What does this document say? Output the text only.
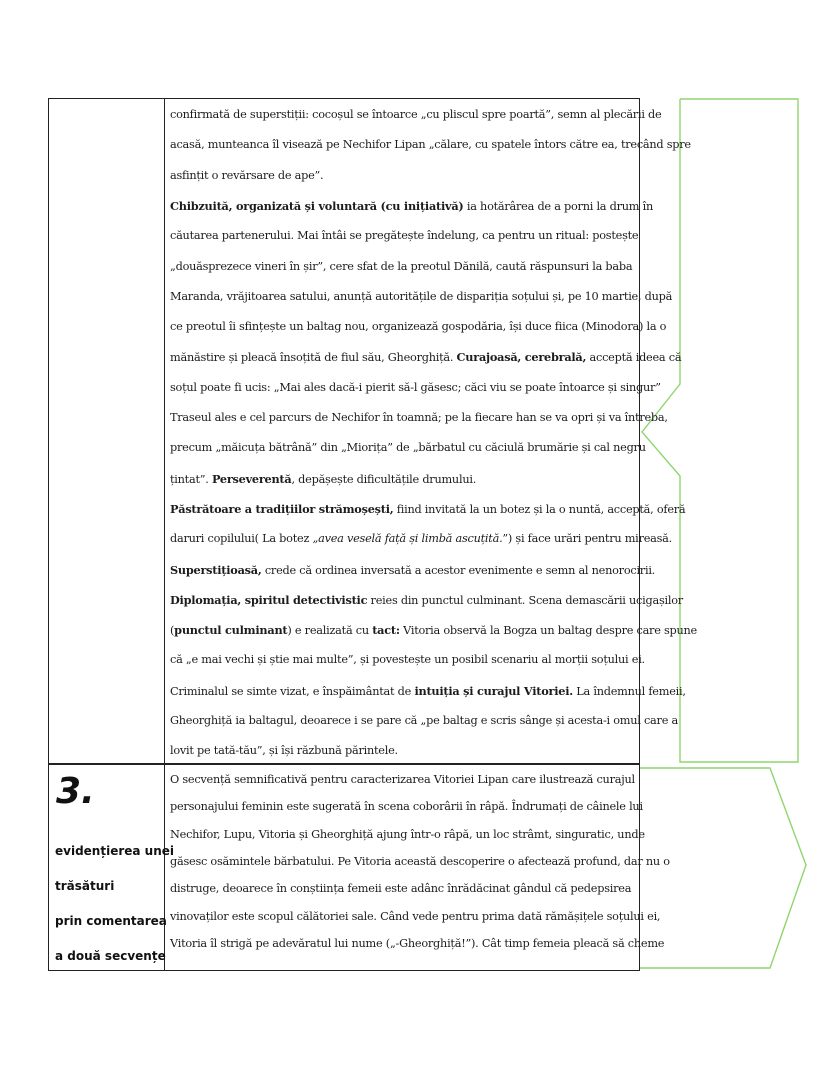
confirmată de superstiții: cocoșul se întoarce „cu pliscul spre poartă”, semn al plecării de
acasă, munteanca îl visează pe Nechifor Lipan „călare, cu spatele întors către ea, trecând spre
asfințit o revărsare de ape”.
Chibzuită, organizată și voluntară (cu inițiativă) ia hotărârea de a porni la drum în
căutarea partenerului. Mai întâi se pregătește îndelung, ca pentru un ritual: postește
„douăsprezece vineri în șir”, cere sfat de la preotul Dănilă, caută răspunsuri la baba
Maranda, vrăjitoarea satului, anunță autoritățile de dispariția soțului și, pe 10 martie, după
ce preotul îi sfințește un baltag nou, organizează gospodăria, își duce fiica (Minodora) la o
mănăstire și pleacă însoțită de fiul său, Gheorghiță. Curajoasă, cerebrală, acceptă ideea că
soțul poate fi ucis: „Mai ales dacă-i pierit să-l găsesc; căci viu se poate întoarce și singur”
Traseul ales e cel parcurs de Nechifor în toamnă; pe la fiecare han se va opri și va întreba,
precum „măicuța bătrână” din „Miorița” de „bărbatul cu căciulă brumărie și cal negru
țintat”. Perseverentă, depășește dificultățile drumului.
Păstrătoare a tradițiilor strămoșești, fiind invitată la un botez și la o nuntă, acceptă, oferă
daruri copilului( La botez „avea veselă față și limbă ascuțită.”) și face urări pentru mireasă.
Superstițioasă, crede că ordinea inversată a acestor evenimente e semn al nenorocirii.
Diplomația, spiritul detectivistic reies din punctul culminant. Scena demascării ucigașilor
(punctul culminant) e realizată cu tact: Vitoria observă la Bogza un baltag despre care spune
că „e mai vechi și știe mai multe”, și povestește un posibil scenariu al morții soțului ei.
Criminalul se simte vizat, e înspăimântat de intuiția și curajul Vitoriei. La îndemnul femeii,
Gheorghiță ia baltagul, deoarece i se pare că „pe baltag e scris sânge și acesta-i omul care a
lovit pe tată-tău”, și își răzbună părintele.
3.
evidențierea unei
trăsături
prin comentarea
a două secvențe
O secvență semnificativă pentru caracterizarea Vitoriei Lipan care ilustrează curajul
personajului feminin este sugerată în scena coborârii în râpă. Îndrumați de câinele lui
Nechifor, Lupu, Vitoria și Gheorghiță ajung într-o râpă, un loc strâmt, singuratic, unde
găsesc osămintele bărbatului. Pe Vitoria această descoperire o afectează profund, dar nu o
distruge, deoarece în conștiința femeii este adânc înrădăcinat gândul că pedepsirea
vinovaților este scopul călătoriei sale. Când vede pentru prima dată rămășițele soțului ei,
Vitoria îl strigă pe adevăratul lui nume („-Gheorghiță!”). Cât timp femeia pleacă să cheme
